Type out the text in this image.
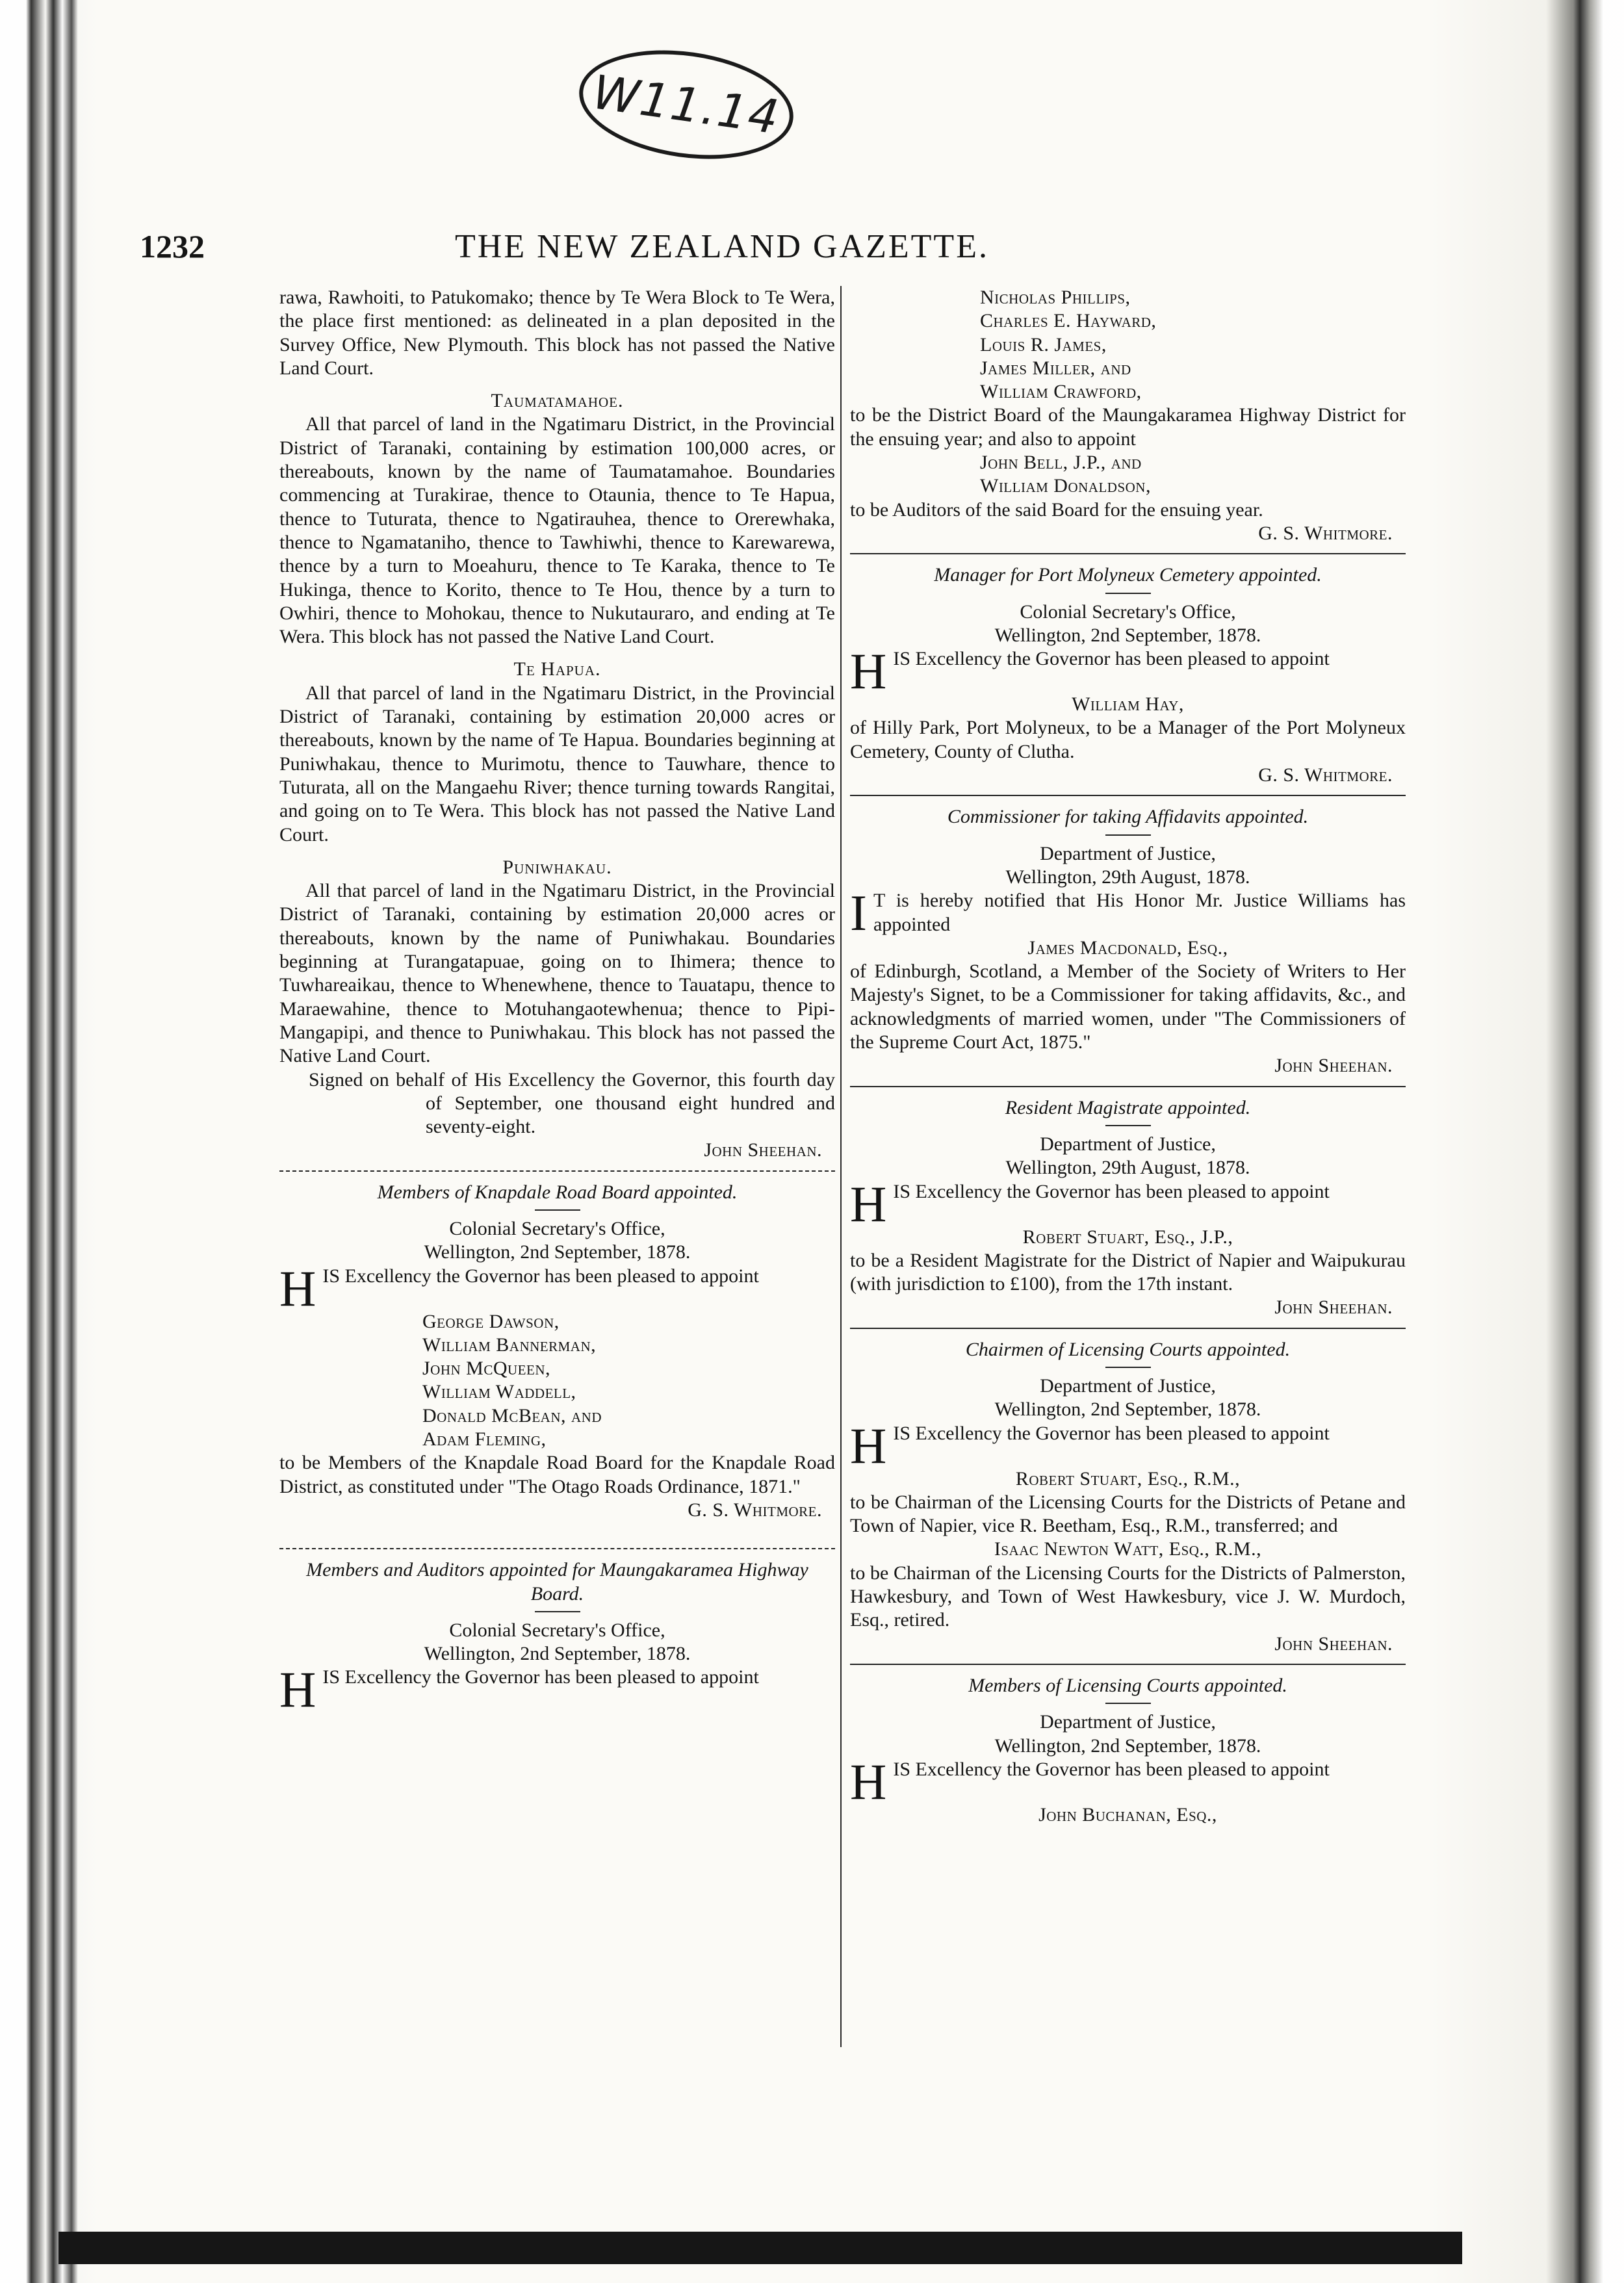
W11.14
1232	THE NEW ZEALAND GAZETTE.

rawa, Rawhoiti, to Patukomako; thence by Te Wera Block to Te Wera, the place first mentioned: as delineated in a plan deposited in the Survey Office, New Plymouth. This block has not passed the Native Land Court.

Taumatamahoe.

All that parcel of land in the Ngatimaru District, in the Provincial District of Taranaki, containing by estimation 100,000 acres, or thereabouts, known by the name of Taumatamahoe. Boundaries commencing at Turakirae, thence to Otaunia, thence to Te Hapua, thence to Tuturata, thence to Ngatirauhea, thence to Orerewhaka, thence to Ngamataniho, thence to Tawhiwhi, thence to Karewarewa, thence by a turn to Moeahuru, thence to Te Karaka, thence to Te Hukinga, thence to Korito, thence to Te Hou, thence by a turn to Owhiri, thence to Mohokau, thence to Nukutauraro, and ending at Te Wera. This block has not passed the Native Land Court.

Te Hapua.

All that parcel of land in the Ngatimaru District, in the Provincial District of Taranaki, containing by estimation 20,000 acres or thereabouts, known by the name of Te Hapua. Boundaries beginning at Puniwhakau, thence to Murimotu, thence to Tauwhare, thence to Tuturata, all on the Mangaehu River; thence turning towards Rangitai, and going on to Te Wera. This block has not passed the Native Land Court.

Puniwhakau.

All that parcel of land in the Ngatimaru District, in the Provincial District of Taranaki, containing by estimation 20,000 acres or thereabouts, known by the name of Puniwhakau. Boundaries beginning at Turangatapuae, going on to Ihimera; thence to Tuwhareaikau, thence to Whenewhene, thence to Tauatapu, thence to Maraewahine, thence to Motuhangaotewhenua; thence to Pipi-Mangapipi, and thence to Puniwhakau. This block has not passed the Native Land Court.

Signed on behalf of His Excellency the Governor, this fourth day of September, one thousand eight hundred and seventy-eight.

John Sheehan.

Members of Knapdale Road Board appointed.

Colonial Secretary's Office,

Wellington, 2nd September, 1878.

HIS Excellency the Governor has been pleased to appoint

George Dawson,

William Bannerman,

John McQueen,

William Waddell,

Donald McBean, and

Adam Fleming,

to be Members of the Knapdale Road Board for the Knapdale Road District, as constituted under "The Otago Roads Ordinance, 1871."

G. S. Whitmore.

Members and Auditors appointed for Maungakaramea Highway Board.

Colonial Secretary's Office,

Wellington, 2nd September, 1878.

HIS Excellency the Governor has been pleased to appoint

Nicholas Phillips,

Charles E. Hayward,

Louis R. James,

James Miller, and

William Crawford,

to be the District Board of the Maungakaramea Highway District for the ensuing year; and also to appoint

John Bell, J.P., and

William Donaldson,

to be Auditors of the said Board for the ensuing year.

G. S. Whitmore.

Manager for Port Molyneux Cemetery appointed.

Colonial Secretary's Office,

Wellington, 2nd September, 1878.

HIS Excellency the Governor has been pleased to appoint

William Hay,

of Hilly Park, Port Molyneux, to be a Manager of the Port Molyneux Cemetery, County of Clutha.

G. S. Whitmore.

Commissioner for taking Affidavits appointed.

Department of Justice,

Wellington, 29th August, 1878.

I T is hereby notified that His Honor Mr. Justice Williams has appointed

James Macdonald, Esq.,

of Edinburgh, Scotland, a Member of the Society of Writers to Her Majesty's Signet, to be a Commissioner for taking affidavits, &c., and acknowledgments of married women, under "The Commissioners of the Supreme Court Act, 1875."

John Sheehan.

Resident Magistrate appointed.

Department of Justice,

Wellington, 29th August, 1878.

HIS Excellency the Governor has been pleased to appoint

Robert Stuart, Esq., J.P.,

to be a Resident Magistrate for the District of Napier and Waipukurau (with jurisdiction to £100), from the 17th instant.

John Sheehan.

Chairmen of Licensing Courts appointed.

Department of Justice,

Wellington, 2nd September, 1878.

HIS Excellency the Governor has been pleased to appoint

Robert Stuart, Esq., R.M.,

to be Chairman of the Licensing Courts for the Districts of Petane and Town of Napier, vice R. Beetham, Esq., R.M., transferred; and

Isaac Newton Watt, Esq., R.M.,

to be Chairman of the Licensing Courts for the Districts of Palmerston, Hawkesbury, and Town of West Hawkesbury, vice J. W. Murdoch, Esq., retired.

John Sheehan.

Members of Licensing Courts appointed.

Department of Justice,

Wellington, 2nd September, 1878.

HIS Excellency the Governor has been pleased to appoint

John Buchanan, Esq.,
